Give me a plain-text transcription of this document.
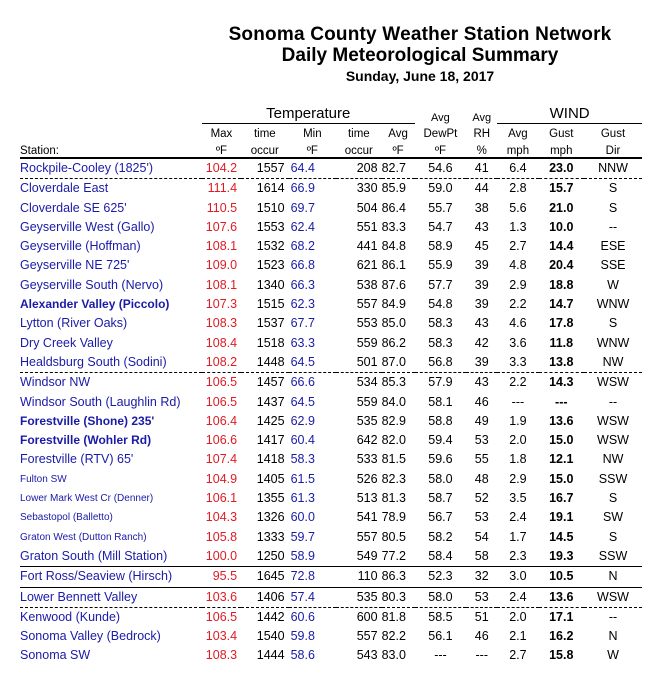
Sonoma County Weather Station Network
Daily Meteorological Summary
Sunday, June 18, 2017
	Temperature					Avg	Avg	WIND		
	Max	time	Min	time	Avg	DewPt	RH	Avg	Gust	Gust
Station:	ºF	occur	ºF	occur	ºF	ºF	%	mph	mph	Dir
Rockpile-Cooley (1825')	104.2	1557	64.4	208	82.7	54.6	41	6.4	23.0	NNW
Cloverdale East	111.4	1614	66.9	330	85.9	59.0	44	2.8	15.7	S
Cloverdale SE 625'	110.5	1510	69.7	504	86.4	55.7	38	5.6	21.0	S
Geyserville West (Gallo)	107.6	1553	62.4	551	83.3	54.7	43	1.3	10.0	--
Geyserville (Hoffman)	108.1	1532	68.2	441	84.8	58.9	45	2.7	14.4	ESE
Geyserville NE 725'	109.0	1523	66.8	621	86.1	55.9	39	4.8	20.4	SSE
Geyserville South (Nervo)	108.1	1340	66.3	538	87.6	57.7	39	2.9	18.8	W
Alexander Valley (Piccolo)	107.3	1515	62.3	557	84.9	54.8	39	2.2	14.7	WNW
Lytton (River Oaks)	108.3	1537	67.7	553	85.0	58.3	43	4.6	17.8	S
Dry Creek Valley	108.4	1518	63.3	559	86.2	58.3	42	3.6	11.8	WNW
Healdsburg South (Sodini)	108.2	1448	64.5	501	87.0	56.8	39	3.3	13.8	NW
Windsor NW	106.5	1457	66.6	534	85.3	57.9	43	2.2	14.3	WSW
Windsor South (Laughlin Rd)	106.5	1437	64.5	559	84.0	58.1	46	---	---	--
Forestville (Shone) 235'	106.4	1425	62.9	535	82.9	58.8	49	1.9	13.6	WSW
Forestville (Wohler Rd)	106.6	1417	60.4	642	82.0	59.4	53	2.0	15.0	WSW
Forestville (RTV) 65'	107.4	1418	58.3	533	81.5	59.6	55	1.8	12.1	NW
Fulton SW	104.9	1405	61.5	526	82.3	58.0	48	2.9	15.0	SSW
Lower Mark West Cr (Denner)	106.1	1355	61.3	513	81.3	58.7	52	3.5	16.7	S
Sebastopol (Balletto)	104.3	1326	60.0	541	78.9	56.7	53	2.4	19.1	SW
Graton West (Dutton Ranch)	105.8	1333	59.7	557	80.5	58.2	54	1.7	14.5	S
Graton South (Mill Station)	100.0	1250	58.9	549	77.2	58.4	58	2.3	19.3	SSW
Fort Ross/Seaview (Hirsch)	95.5	1645	72.8	110	86.3	52.3	32	3.0	10.5	N
Lower Bennett Valley	103.6	1406	57.4	535	80.3	58.0	53	2.4	13.6	WSW
Kenwood (Kunde)	106.5	1442	60.6	600	81.8	58.5	51	2.0	17.1	--
Sonoma Valley (Bedrock)	103.4	1540	59.8	557	82.2	56.1	46	2.1	16.2	N
Sonoma SW	108.3	1444	58.6	543	83.0	---	---	2.7	15.8	W
